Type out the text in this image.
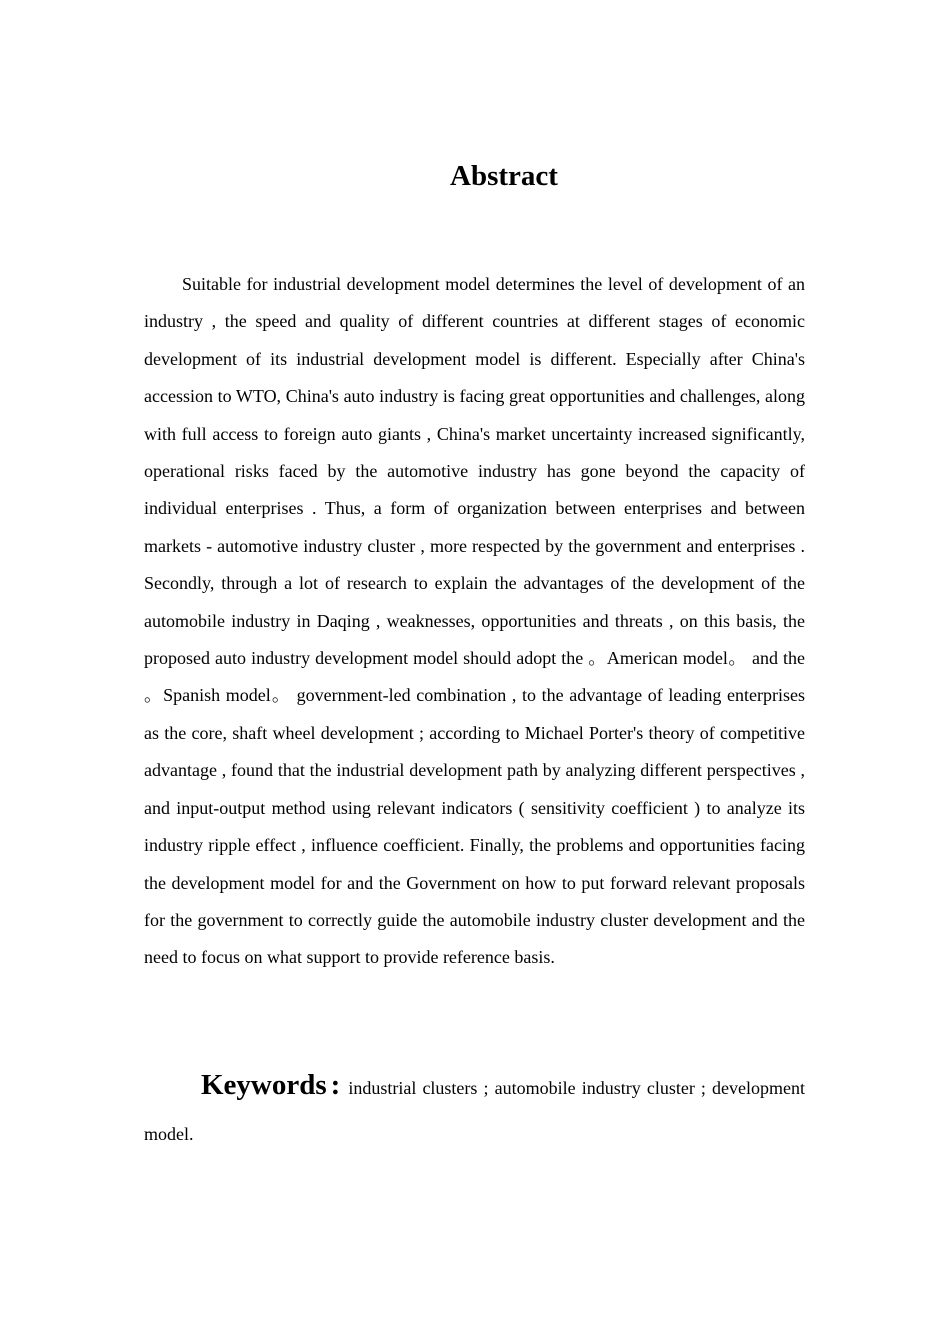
Abstract

Suitable for industrial development model determines the level of development of an industry , the speed and quality of different countries at different stages of economic development of its industrial development model is different. Especially after China's accession to WTO, China's auto industry is facing great opportunities and challenges, along with full access to foreign auto giants , China's market uncertainty increased significantly, operational risks faced by the automotive industry has gone beyond the capacity of individual enterprises . Thus, a form of organization between enterprises and between markets - automotive industry cluster , more respected by the government and enterprises . Secondly, through a lot of research to explain the advantages of the development of the automobile industry in Daqing , weaknesses, opportunities and threats , on this basis, the proposed auto industry development model should adopt the 。American model。 and the 。Spanish model。 government-led combination , to the advantage of leading enterprises as the core, shaft wheel development ; according to Michael Porter's theory of competitive advantage , found that the industrial development path by analyzing different perspectives , and input-output method using relevant indicators ( sensitivity coefficient ) to analyze its industry ripple effect , influence coefficient. Finally, the problems and opportunities facing the development model for and the Government on how to put forward relevant proposals for the government to correctly guide the automobile industry cluster development and the need to focus on what support to provide reference basis.

Keywords : industrial clusters ; automobile industry cluster ; development model.
